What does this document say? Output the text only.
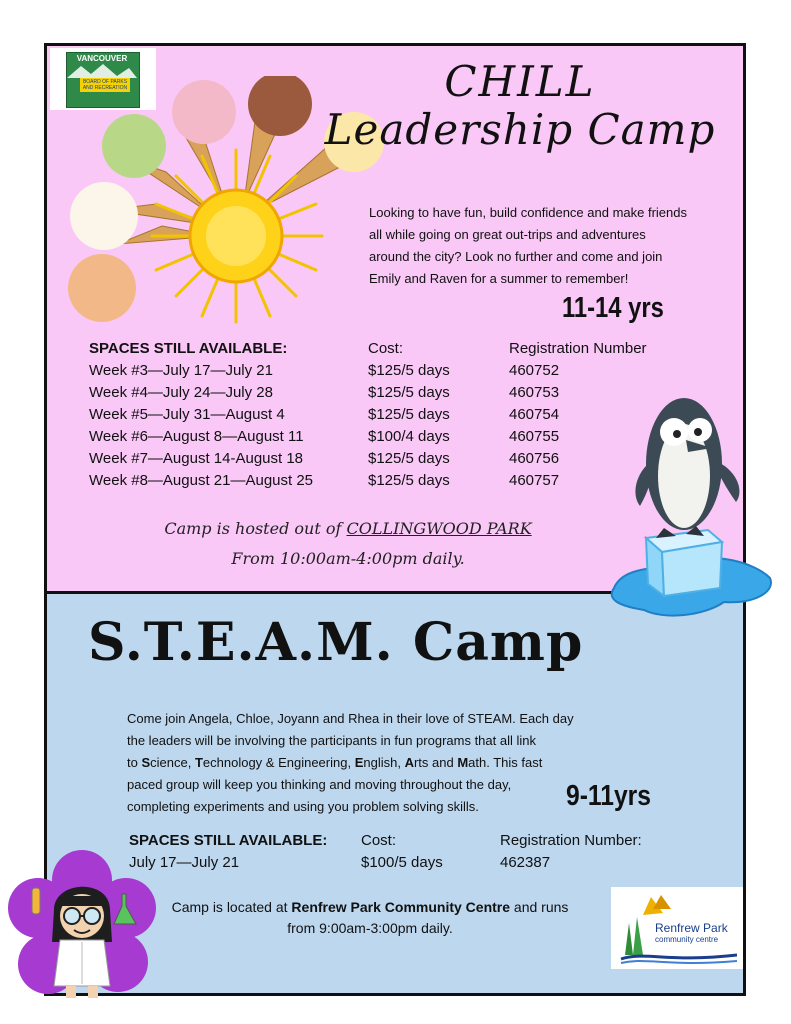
VANCOUVER
BOARD OF PARKS AND RECREATION	CHILL
Leadership Camp
Looking to have fun, build confidence and make friends all while going on great out-trips and adventures around the city? Look no further and come and join Emily and Raven for a summer to remember!
11-14 yrs
SPACES STILL AVAILABLE:	Cost:	Registration Number
Week #3—July 17—July 21	$125/5 days	460752
Week #4—July 24—July 28	$125/5 days	460753
Week #5—July 31—August 4	$125/5 days	460754
Week #6—August 8—August 11	$100/4 days	460755
Week #7—August 14-August 18	$125/5 days	460756
Week #8—August 21—August 25	$125/5 days	460757
Camp is hosted out of COLLINGWOOD PARK
From 10:00am-4:00pm daily.
S.T.E.A.M. Camp
Come join Angela, Chloe, Joyann and Rhea in their love of STEAM. Each day
the leaders will be involving the participants in fun programs that all link
to Science, Technology & Engineering, English, Arts and Math. This fast
paced group will keep you thinking and moving throughout the day,
completing experiments and using you problem solving skills.	9-11yrs
SPACES STILL AVAILABLE: Cost:	Registration Number:
July 17—July 21	$100/5 days	462387
Camp is located at Renfrew Park Community Centre and runs
from 9:00am-3:00pm daily.	Renfrew Park
community centre
